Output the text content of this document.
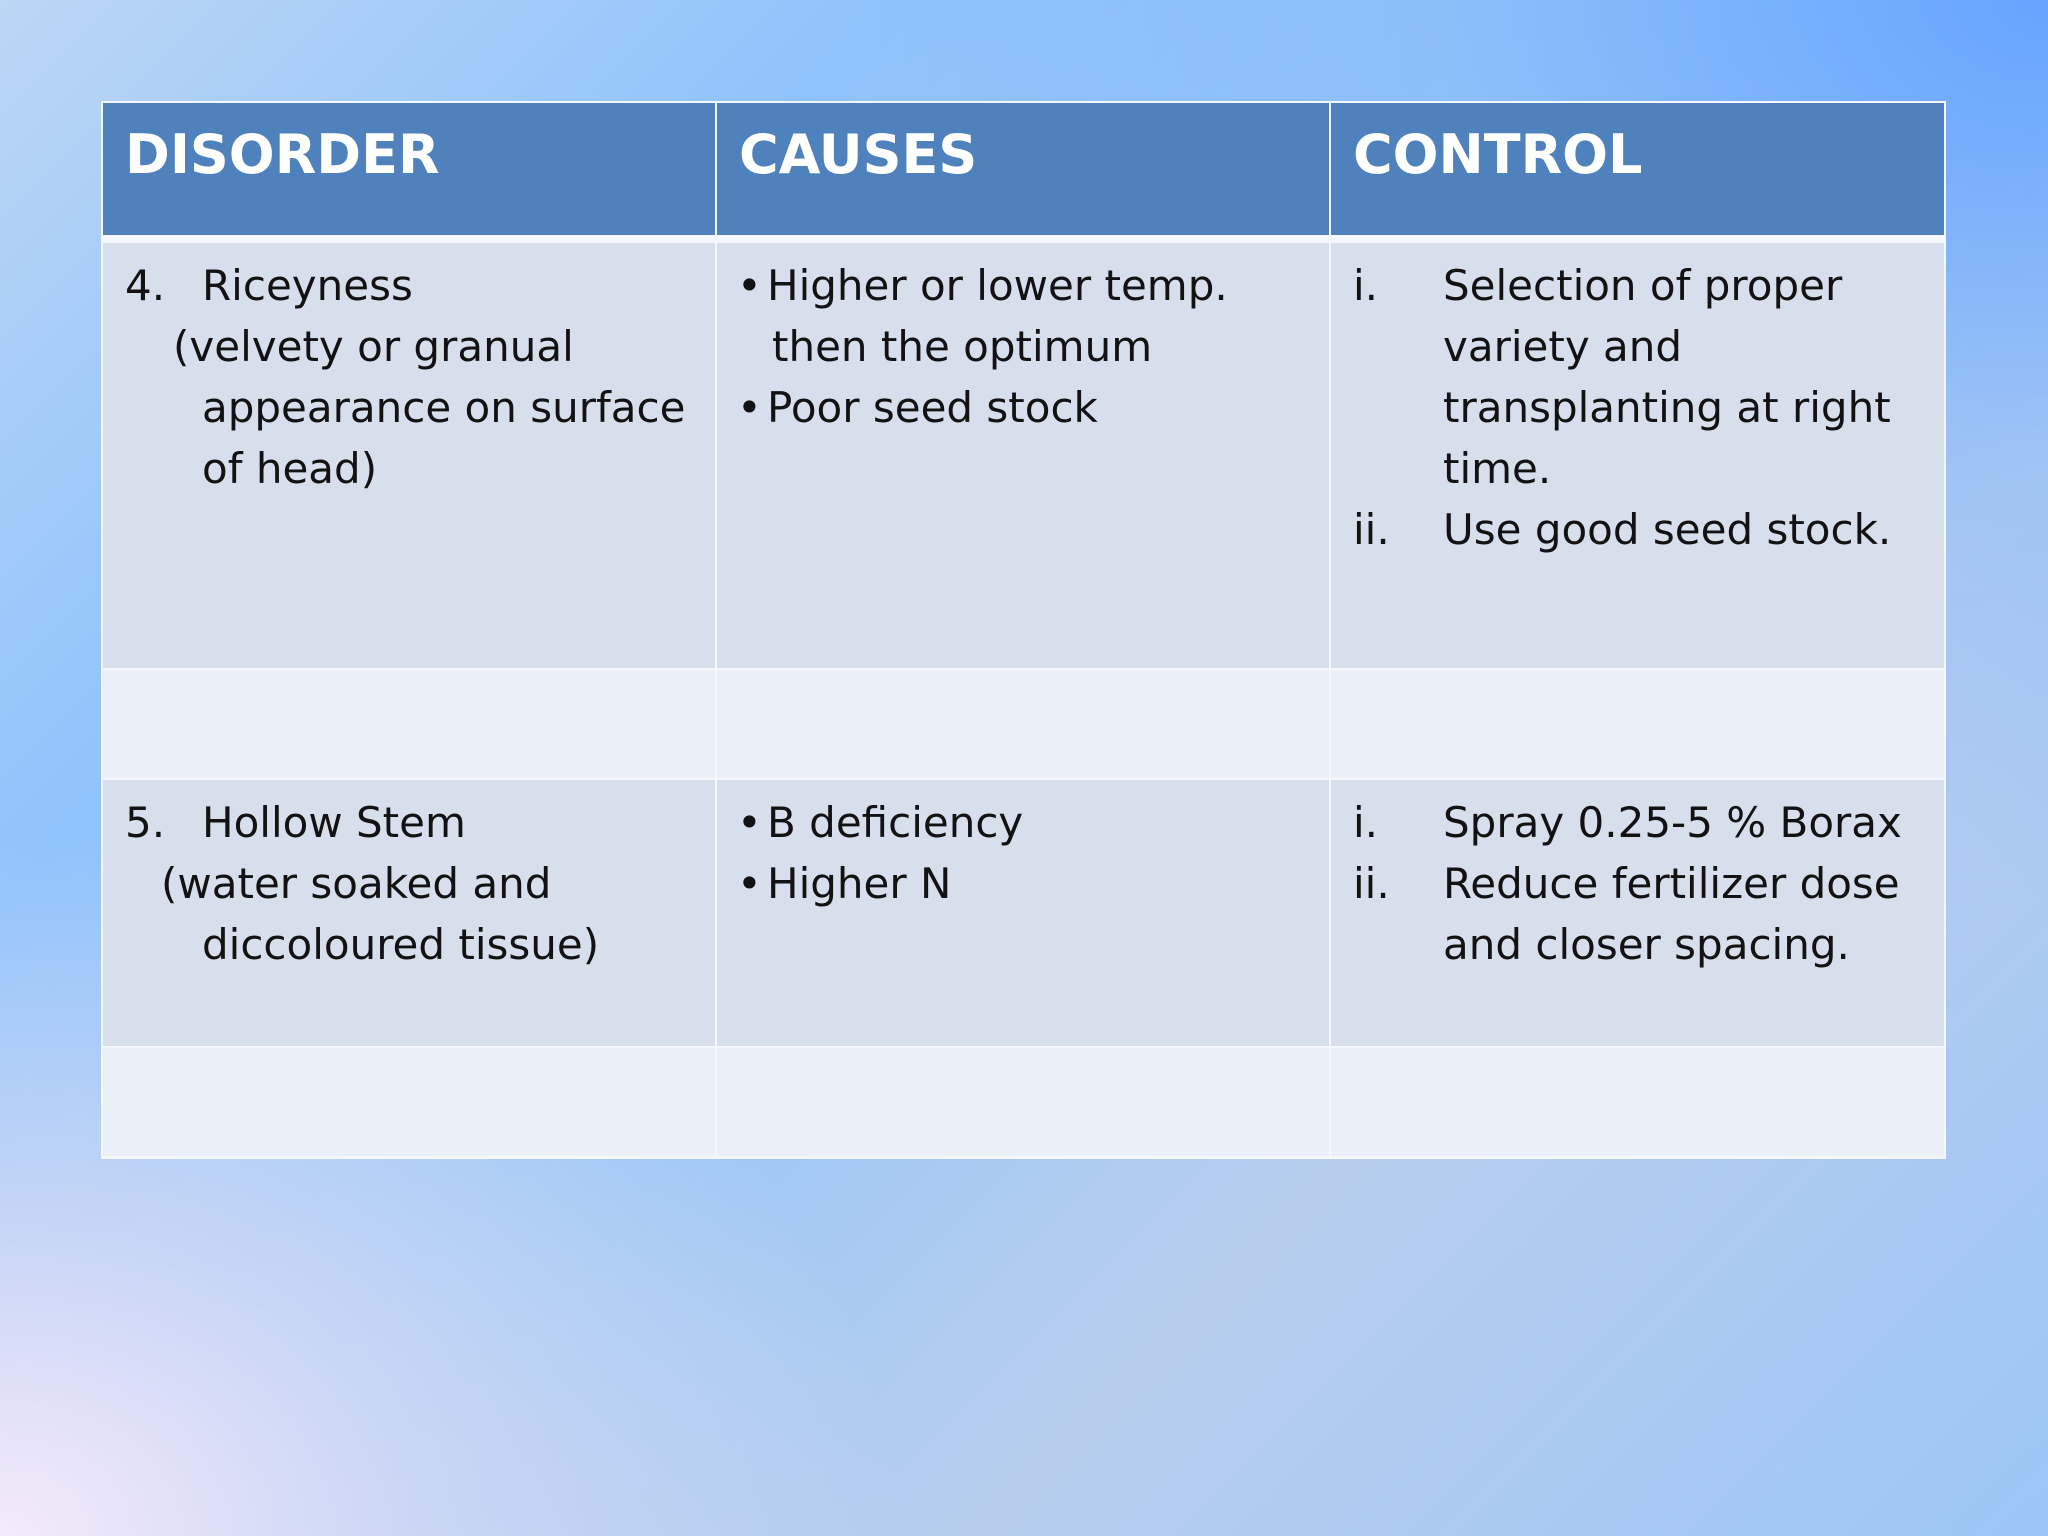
DISORDER	CAUSES	CONTROL
4. Riceyness
(velvety or granual
appearance on surface
of head)
• Higher or lower temp.
then the optimum
• Poor seed stock
i. Selection of proper
variety and
transplanting at right
time.
ii. Use good seed stock.
5. Hollow Stem
(water soaked and
diccoloured tissue)
• B deficiency
• Higher N
i. Spray 0.25-5 % Borax
ii. Reduce fertilizer dose
and closer spacing.
